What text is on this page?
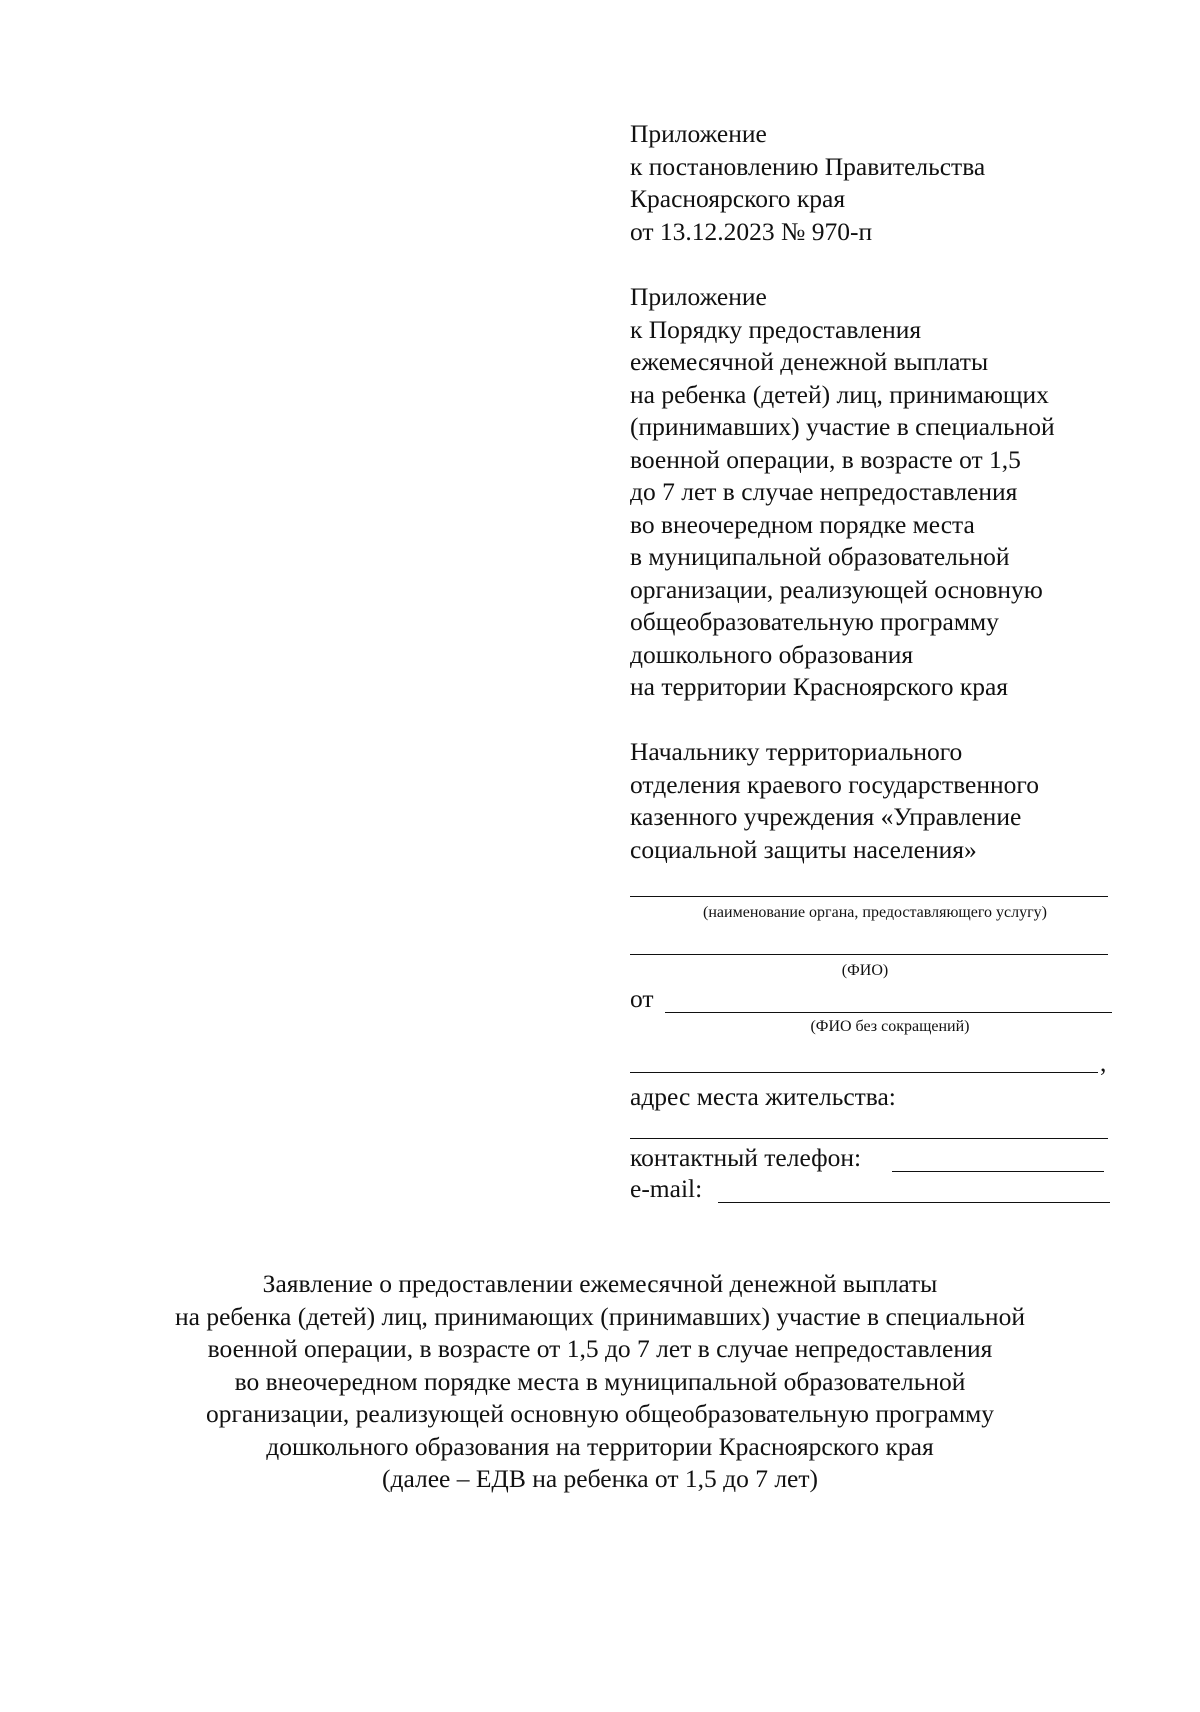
Приложение
к постановлению Правительства
Красноярского края
от 13.12.2023 № 970-п
Приложение
к Порядку предоставления
ежемесячной денежной выплаты
на ребенка (детей) лиц, принимающих
(принимавших) участие в специальной
военной операции, в возрасте от 1,5
до 7 лет в случае непредоставления
во внеочередном порядке места
в муниципальной образовательной
организации, реализующей основную
общеобразовательную программу
дошкольного образования
на территории Красноярского края
Начальнику территориального
отделения краевого государственного
казенного учреждения «Управление
социальной защиты населения»
(наименование органа, предоставляющего услугу)
(ФИО)
от
(ФИО без сокращений)
,
адрес места жительства:
контактный телефон:
e-mail:
Заявление о предоставлении ежемесячной денежной выплаты
на ребенка (детей) лиц, принимающих (принимавших) участие в специальной
военной операции, в возрасте от 1,5 до 7 лет в случае непредоставления
во внеочередном порядке места в муниципальной образовательной
организации, реализующей основную общеобразовательную программу
дошкольного образования на территории Красноярского края
(далее – ЕДВ на ребенка от 1,5 до 7 лет)
